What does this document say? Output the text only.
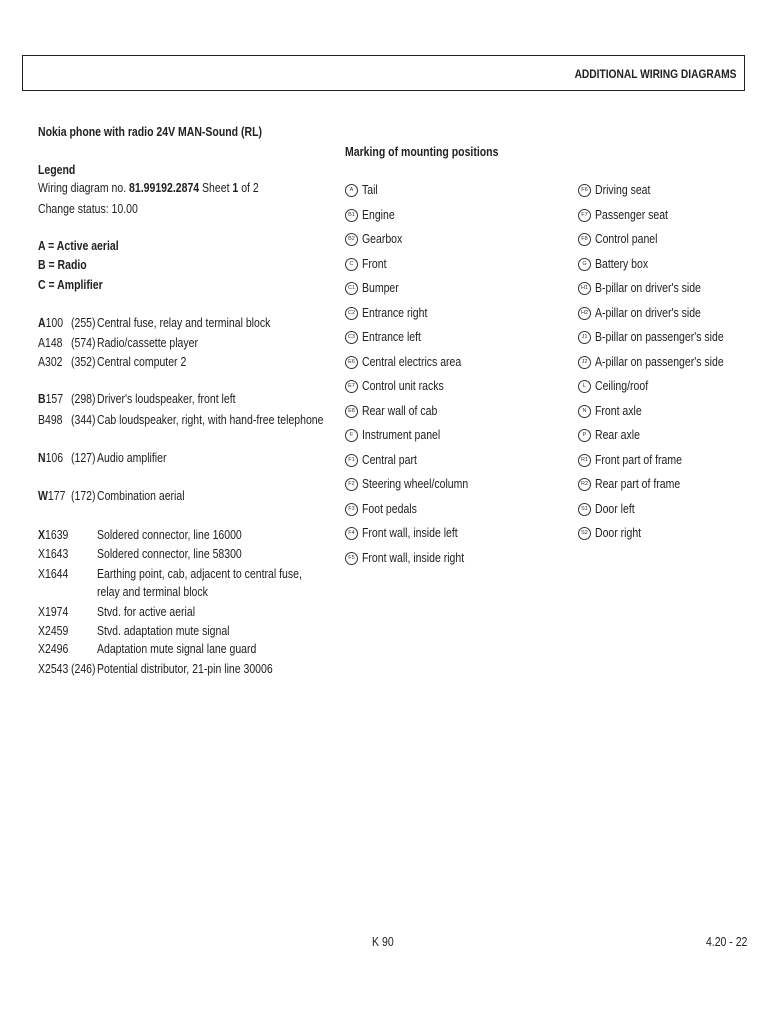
ADDITIONAL WIRING DIAGRAMS
Nokia phone with radio 24V MAN-Sound (RL)
Legend
Wiring diagram no. 81.99192.2874 Sheet 1 of 2
Change status: 10.00
A = Active aerial
B = Radio
C = Amplifier
A100 (255) Central fuse, relay and terminal block
A148 (574) Radio/cassette player
A302 (352) Central computer 2
B157 (298) Driver's loudspeaker, front left
B498 (344) Cab loudspeaker, right, with hand-free telephone
N106 (127) Audio amplifier
W177 (172) Combination aerial
X1639 Soldered connector, line 16000
X1643 Soldered connector, line 58300
X1644 Earthing point, cab, adjacent to central fuse,
relay and terminal block
X1974 Stvd. for active aerial
X2459 Stvd. adaptation mute signal
X2496 Adaptation mute signal lane guard
X2543 (246) Potential distributor, 21-pin line 30006
Marking of mounting positions
A Tail
B1 Engine
B2 Gearbox
C Front
C1 Bumper
C2 Entrance right
C3 Entrance left
E6 Central electrics area
E7 Control unit racks
E8 Rear wall of cab
F Instrument panel
F1 Central part
F2 Steering wheel/column
F3 Foot pedals
F4 Front wall, inside left
F5 Front wall, inside right
F6 Driving seat
F7 Passenger seat
F8 Control panel
G Battery box
H1 B-pillar on driver's side
H2 A-pillar on driver's side
J1 B-pillar on passenger's side
J2 A-pillar on passenger's side
L Ceiling/roof
N Front axle
P Rear axle
R1 Front part of frame
R2 Rear part of frame
S1 Door left
S2 Door right
K 90	4.20 - 22
